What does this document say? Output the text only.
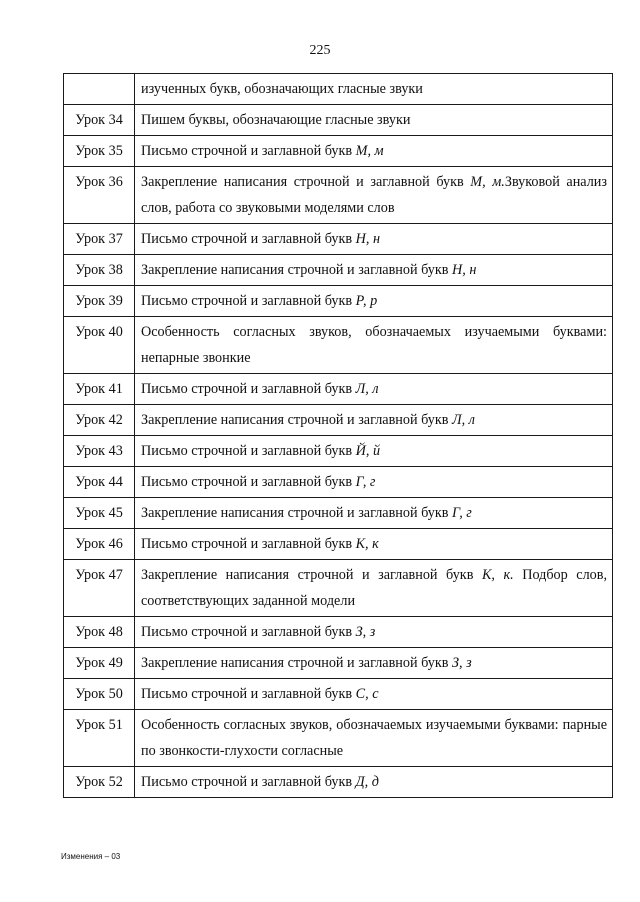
225
	изученных букв, обозначающих гласные звуки
Урок 34	Пишем буквы, обозначающие гласные звуки
Урок 35	Письмо строчной и заглавной букв М, м
Урок 36	Закрепление написания строчной и заглавной букв М, м.Звуковой анализ слов, работа со звуковыми моделями слов
Урок 37	Письмо строчной и заглавной букв Н, н
Урок 38	Закрепление написания строчной и заглавной букв Н, н
Урок 39	Письмо строчной и заглавной букв Р, р
Урок 40	Особенность согласных звуков, обозначаемых изучаемыми буквами: непарные звонкие
Урок 41	Письмо строчной и заглавной букв Л, л
Урок 42	Закрепление написания строчной и заглавной букв Л, л
Урок 43	Письмо строчной и заглавной букв Й, й
Урок 44	Письмо строчной и заглавной букв Г, г
Урок 45	Закрепление написания строчной и заглавной букв Г, г
Урок 46	Письмо строчной и заглавной букв К, к
Урок 47	Закрепление написания строчной и заглавной букв К, к. Подбор слов, соответствующих заданной модели
Урок 48	Письмо строчной и заглавной букв З, з
Урок 49	Закрепление написания строчной и заглавной букв З, з
Урок 50	Письмо строчной и заглавной букв С, с
Урок 51	Особенность согласных звуков, обозначаемых изучаемыми буквами: парные по звонкости-глухости согласные
Урок 52	Письмо строчной и заглавной букв Д, д
Изменения – 03
